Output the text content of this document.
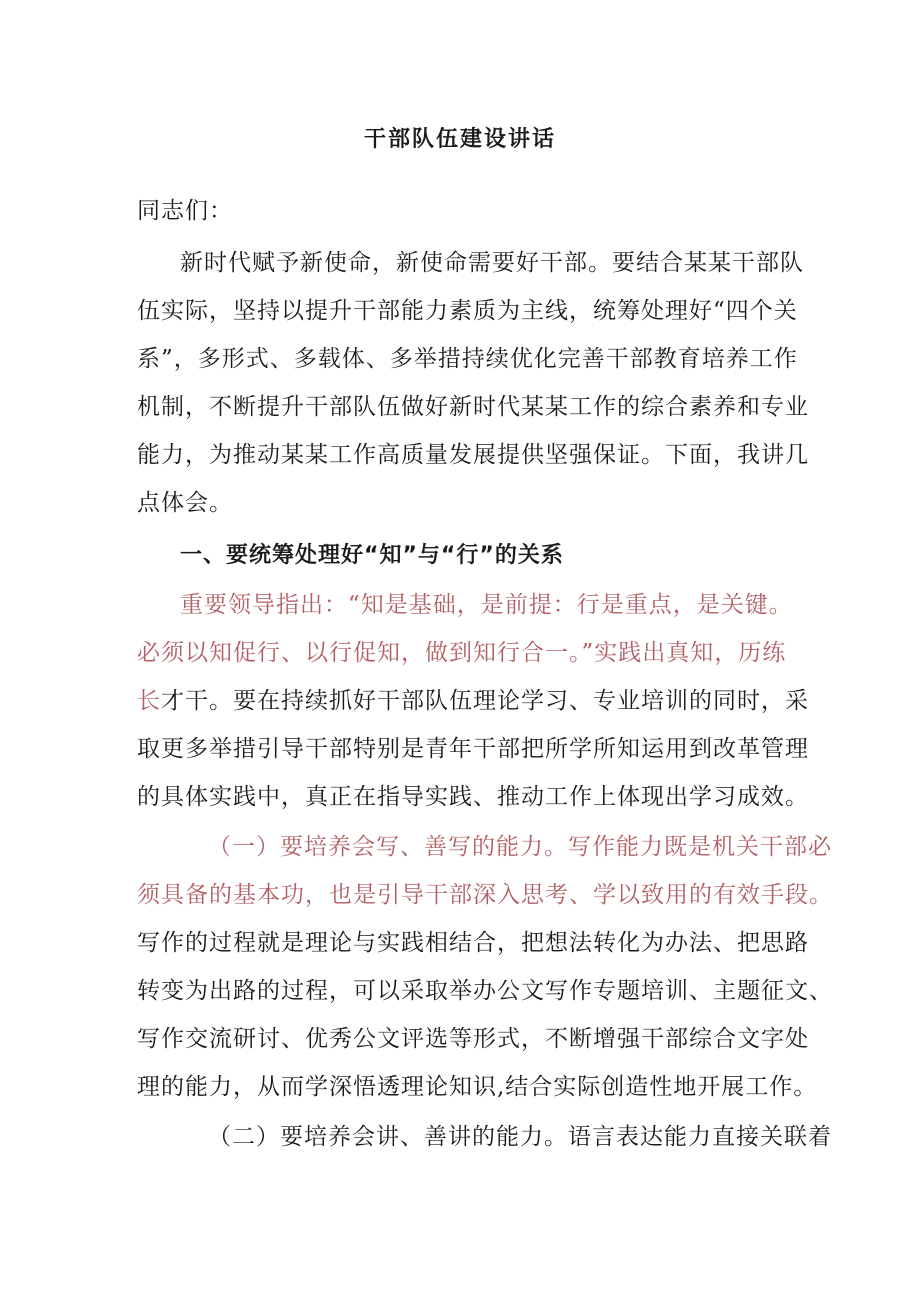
干部队伍建设讲话
同志们：
新时代赋予新使命，新使命需要好干部。要结合某某干部队
伍实际，坚持以提升干部能力素质为主线，统筹处理好“四个关
系”，多形式、多载体、多举措持续优化完善干部教育培养工作
机制，不断提升干部队伍做好新时代某某工作的综合素养和专业
能力，为推动某某工作高质量发展提供坚强保证。下面，我讲几
点体会。
一、要统筹处理好“知”与“行”的关系
重要领导指出：“知是基础，是前提：行是重点，是关键。
必须以知促行、以行促知，做到知行合一。”实践出真知，历练
长才干。要在持续抓好干部队伍理论学习、专业培训的同时，采
取更多举措引导干部特别是青年干部把所学所知运用到改革管理
的具体实践中，真正在指导实践、推动工作上体现出学习成效。
（一）要培养会写、善写的能力。写作能力既是机关干部必
须具备的基本功，也是引导干部深入思考、学以致用的有效手段。
写作的过程就是理论与实践相结合，把想法转化为办法、把思路
转变为出路的过程，可以采取举办公文写作专题培训、主题征文、
写作交流研讨、优秀公文评选等形式，不断增强干部综合文字处
理的能力，从而学深悟透理论知识,结合实际创造性地开展工作。
（二）要培养会讲、善讲的能力。语言表达能力直接关联着
